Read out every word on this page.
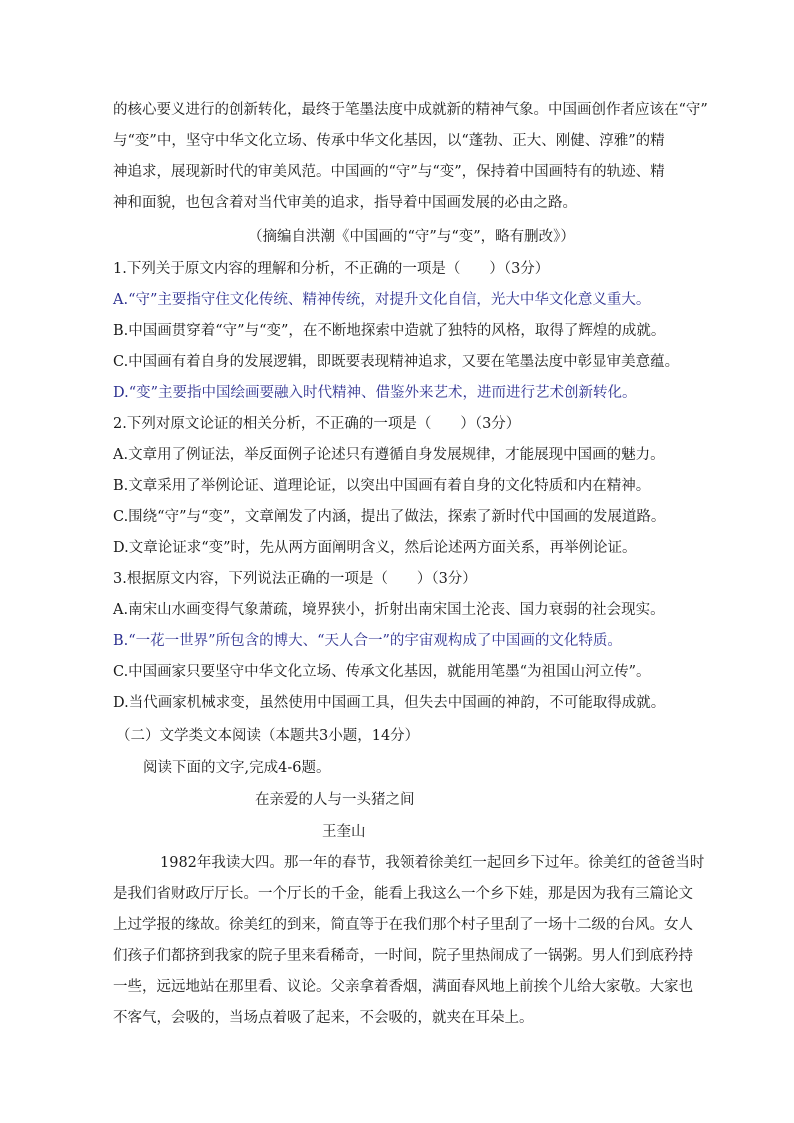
的核心要义进行的创新转化，最终于笔墨法度中成就新的精神气象。中国画创作者应该在“守”
与“变”中，坚守中华文化立场、传承中华文化基因，以“蓬勃、正大、刚健、淳雅”的精
神追求，展现新时代的审美风范。中国画的“守”与“变”，保持着中国画特有的轨迹、精
神和面貌，也包含着对当代审美的追求，指导着中国画发展的必由之路。
（摘编自洪潮《中国画的“守”与“变”，略有删改》）
1.下列关于原文内容的理解和分析，不正确的一项是（　　）（3分）
A.“守”主要指守住文化传统、精神传统，对提升文化自信，光大中华文化意义重大。
B.中国画贯穿着“守”与“变”，在不断地探索中造就了独特的风格，取得了辉煌的成就。
C.中国画有着自身的发展逻辑，即既要表现精神追求，又要在笔墨法度中彰显审美意蕴。
D.“变”主要指中国绘画要融入时代精神、借鉴外来艺术，进而进行艺术创新转化。
2.下列对原文论证的相关分析，不正确的一项是（　　）（3分）
A.文章用了例证法，举反面例子论述只有遵循自身发展规律，才能展现中国画的魅力。
B.文章采用了举例论证、道理论证，以突出中国画有着自身的文化特质和内在精神。
C.围绕“守”与“变”，文章阐发了内涵，提出了做法，探索了新时代中国画的发展道路。
D.文章论证求“变”时，先从两方面阐明含义，然后论述两方面关系，再举例论证。
3.根据原文内容，下列说法正确的一项是（　　）（3分）
A.南宋山水画变得气象萧疏，境界狭小，折射出南宋国土沦丧、国力衰弱的社会现实。
B.“一花一世界”所包含的博大、“天人合一”的宇宙观构成了中国画的文化特质。
C.中国画家只要坚守中华文化立场、传承文化基因，就能用笔墨“为祖国山河立传”。
D.当代画家机械求变，虽然使用中国画工具，但失去中国画的神韵，不可能取得成就。
（二）文学类文本阅读（本题共3小题，14分）
阅读下面的文字,完成4-6题。
在亲爱的人与一头猪之间
王奎山
1982年我读大四。那一年的春节，我领着徐美红一起回乡下过年。徐美红的爸爸当时
是我们省财政厅厅长。一个厅长的千金，能看上我这么一个乡下娃，那是因为我有三篇论文
上过学报的缘故。徐美红的到来，简直等于在我们那个村子里刮了一场十二级的台风。女人
们孩子们都挤到我家的院子里来看稀奇，一时间，院子里热闹成了一锅粥。男人们到底矜持
一些，远远地站在那里看、议论。父亲拿着香烟，满面春风地上前挨个儿给大家敬。大家也
不客气，会吸的，当场点着吸了起来，不会吸的，就夹在耳朵上。
